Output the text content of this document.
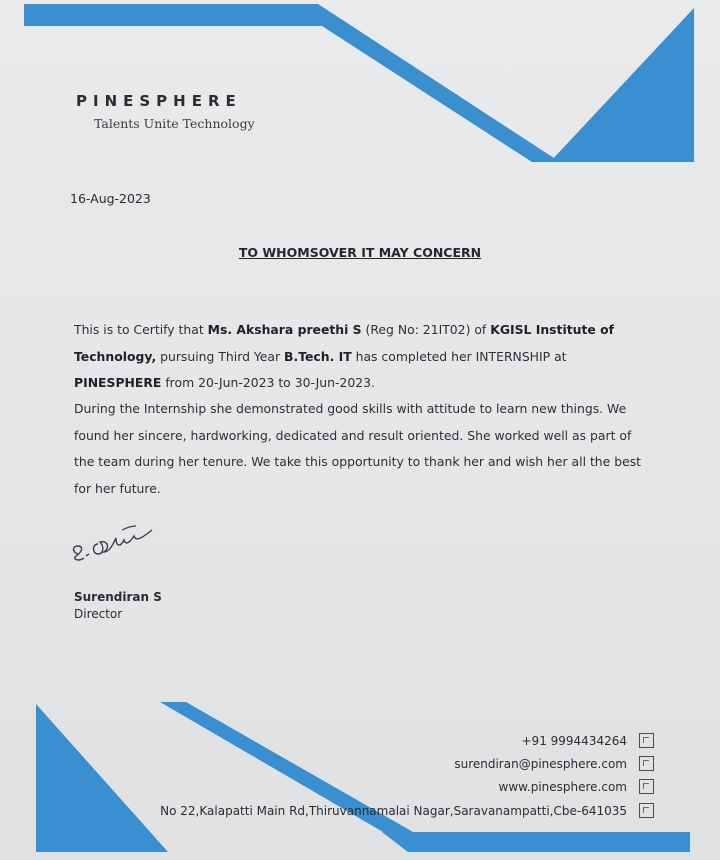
PINESPHERE
Talents Unite Technology
16-Aug-2023
TO WHOMSOVER IT MAY CONCERN
This is to Certify that Ms. Akshara preethi S (Reg No: 21IT02) of KGISL Institute of Technology, pursuing Third Year B.Tech. IT has completed her INTERNSHIP at PINESPHERE from 20-Jun-2023 to 30-Jun-2023.
During the Internship she demonstrated good skills with attitude to learn new things. We found her sincere, hardworking, dedicated and result oriented. She worked well as part of the team during her tenure. We take this opportunity to thank her and wish her all the best for her future.
Surendiran S
Director
+91 9994434264
surendiran@pinesphere.com
www.pinesphere.com
No 22,Kalapatti Main Rd,Thiruvannamalai Nagar,Saravanampatti,Cbe-641035
